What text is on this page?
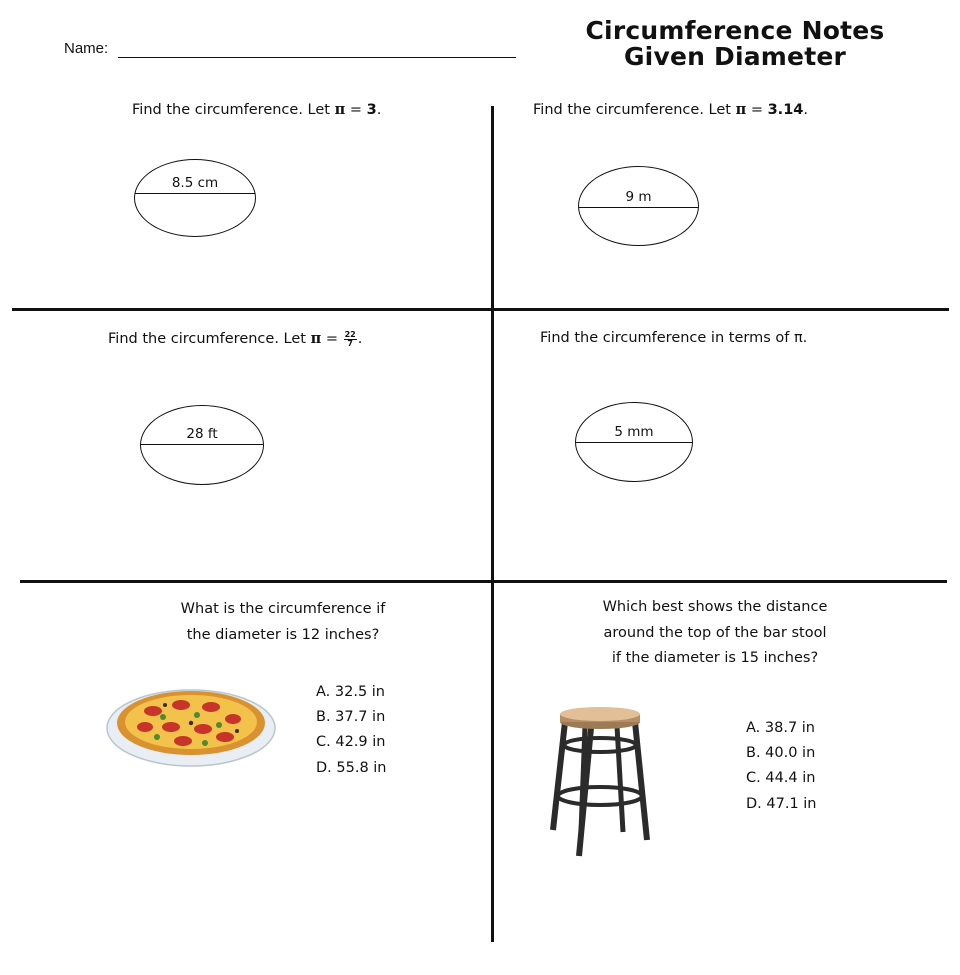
Name:
Circumference Notes
Given Diameter
Find the circumference. Let π = 3.
8.5 cm
Find the circumference. Let π = 3.14.
9 m
Find the circumference. Let $\pi = \frac{22}{7}$ .
28 ft
Find the circumference in terms of π.
5 mm
What is the circumference if
the diameter is 12 inches?
A. 32.5 in
B. 37.7 in
C. 42.9 in
D. 55.8 in
Which best shows the distance
around the top of the bar stool
if the diameter is 15 inches?
A. 38.7 in
B. 40.0 in
C. 44.4 in
D. 47.1 in
